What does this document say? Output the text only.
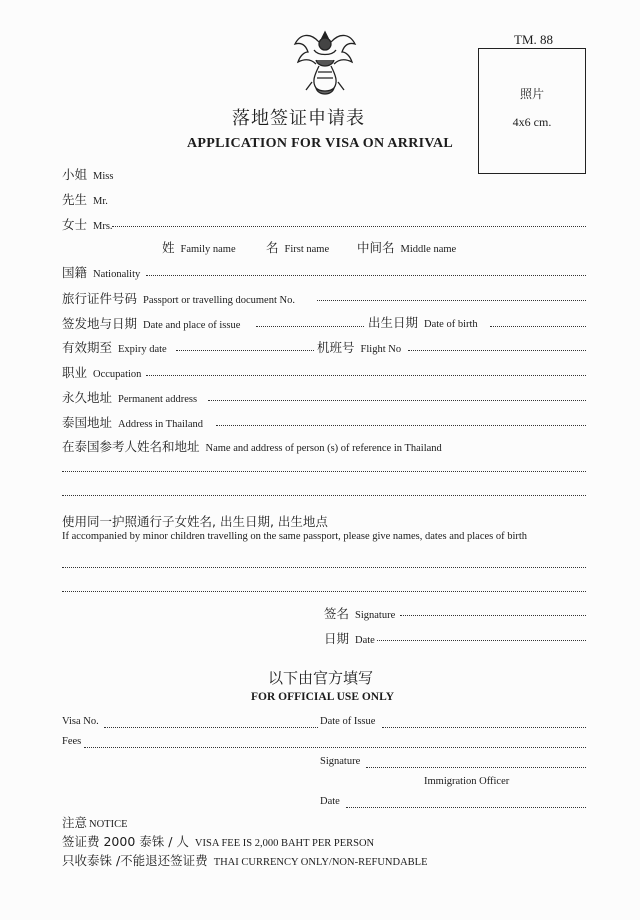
TM. 88
照片
4x6 cm.
落地签证申请表
APPLICATION FOR VISA ON ARRIVAL
小姐 Miss
先生 Mr.
女士 Mrs.
姓 Family name 名 First name 中间名 Middle name
国籍 Nationality
旅行证件号码 Passport or travelling document No.
签发地与日期 Date and place of issue	出生日期 Date of birth
有效期至 Expiry date	机班号 Flight No
职业 Occupation
永久地址 Permanent address
泰国地址 Address in Thailand
在泰国参考人姓名和地址 Name and address of person (s) of reference in Thailand
使用同一护照通行子女姓名, 出生日期, 出生地点
If accompanied by minor children travelling on the same passport, please give names, dates and places of birth
签名 Signature
日期 Date
以下由官方填写
FOR OFFICIAL USE ONLY
Visa No.	Date of Issue
Fees
Signature
Immigration Officer
Date
注意 NOTICE
签证费 2000 泰铢 / 人 VISA FEE IS 2,000 BAHT PER PERSON
只收泰铢 /不能退还签证费 THAI CURRENCY ONLY/NON-REFUNDABLE
